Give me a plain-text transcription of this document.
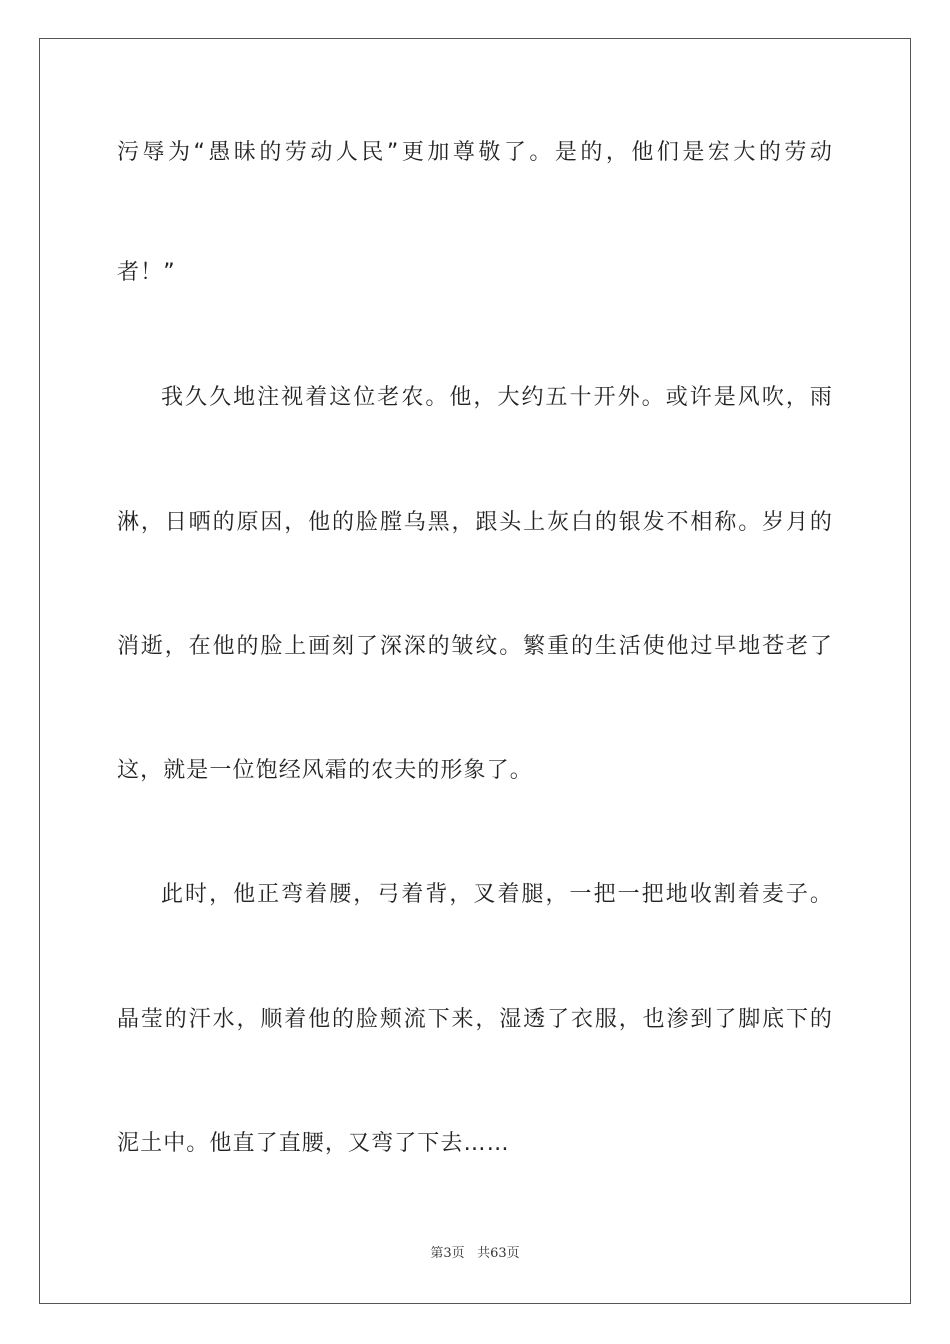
污辱为“愚昧的劳动人民”更加尊敬了。是的，他们是宏大的劳动
者！”
我久久地注视着这位老农。他，大约五十开外。或许是风吹，雨
淋，日晒的原因，他的脸膛乌黑，跟头上灰白的银发不相称。岁月的
消逝，在他的脸上画刻了深深的皱纹。繁重的生活使他过早地苍老了
这，就是一位饱经风霜的农夫的形象了。
此时，他正弯着腰，弓着背，叉着腿，一把一把地收割着麦子。
晶莹的汗水，顺着他的脸颊流下来，湿透了衣服，也渗到了脚底下的
泥土中。他直了直腰，又弯了下去……
第3页 共63页
